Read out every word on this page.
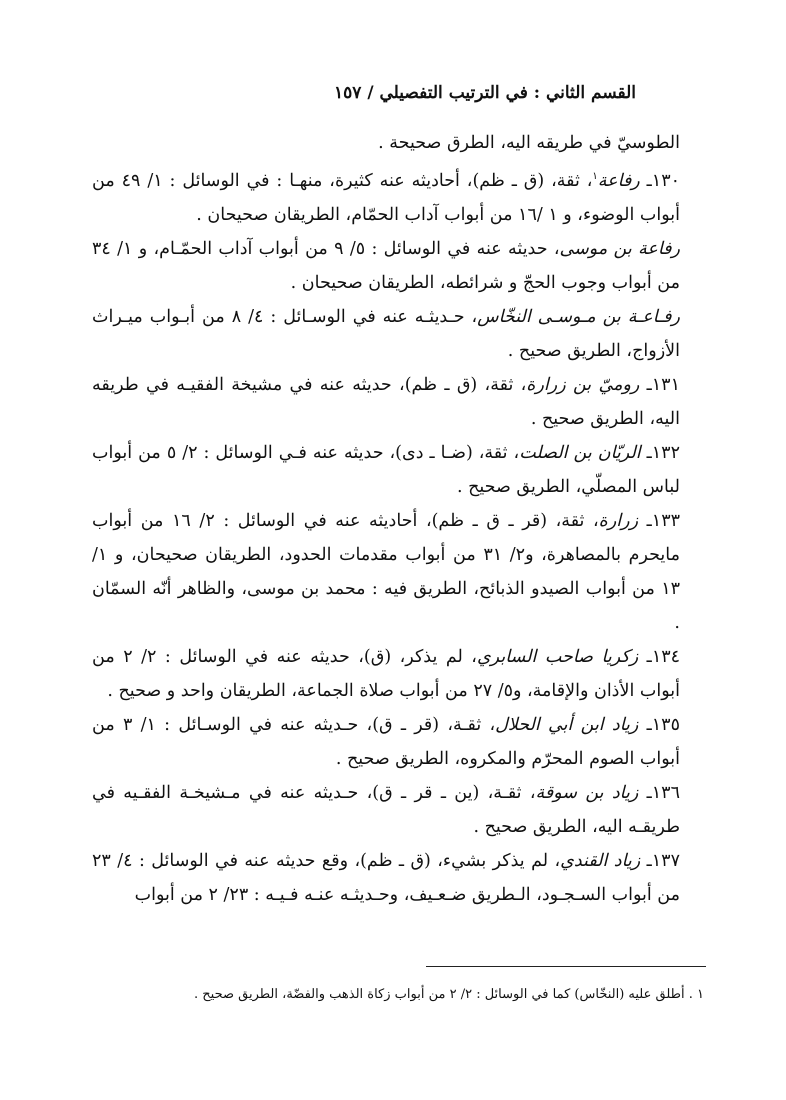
القسم الثاني : في الترتيب التفصيلي / ١٥٧

الطوسيّ في طريقه اليه، الطرق صحيحة .

١٣٠ـ رفاعة$^١$، ثقة، (ق ـ ظم)، أحاديثه عنه كثيرة، منهـا : في الوسائل : ١/ ٤٩ من أبواب الوضوء، و ١ /١٦ من أبواب آداب الحمّام، الطريقان صحيحان .

رفاعة بن موسى، حديثه عنه في الوسائل : ٥/ ٩ من أبواب آداب الحمّـام، و ١/ ٣٤ من أبواب وجوب الحجّ و شرائطه، الطريقان صحيحان .

رفـاعـة بن مـوسـى النخّاس، حـديثـه عنه في الوسـائل : ٤/ ٨ من أبـواب ميـراث الأزواج، الطريق صحيح .

١٣١ـ روميّ بن زرارة، ثقة، (ق ـ ظم)، حديثه عنه في مشيخة الفقيـه في طريقه اليه، الطريق صحيح .

١٣٢ـ الريّان بن الصلت، ثقة، (ضـا ـ دى)، حديثه عنه فـي الوسائل : ٢/ ٥ من أبواب لباس المصلّي، الطريق صحيح .

١٣٣ـ زرارة، ثقة، (قر ـ ق ـ ظم)، أحاديثه عنه في الوسائل : ٢/ ١٦ من أبواب مايحرم بالمصاهرة، و٢/ ٣١ من أبواب مقدمات الحدود، الطريقان صحيحان، و ١/ ١٣ من أبواب الصيدو الذبائح، الطريق فيه : محمد بن موسى، والظاهر أنّه السمّان .

١٣٤ـ زكريا صاحب السابري، لم يذكر، (ق)، حديثه عنه في الوسائل : ٢/ ٢ من أبواب الأذان والإقامة، و٥/ ٢٧ من أبواب صلاة الجماعة، الطريقان واحد و صحيح .

١٣٥ـ زياد ابن أبي الحلال، ثقـة، (قر ـ ق)، حـديثه عنه في الوسـائل : ١/ ٣ من أبواب الصوم المحرّم والمكروه، الطريق صحيح .

١٣٦ـ زياد بن سوقة، ثقـة، (ين ـ قر ـ ق)، حـديثه عنه في مـشيخـة الفقـيه في طريقـه اليه، الطريق صحيح .

١٣٧ـ زياد القندي، لم يذكر بشيء، (ق ـ ظم)، وقع حديثه عنه في الوسائل : ٤/ ٢٣ من أبواب السـجـود، الـطريق ضـعـيف، وحـديثـه عنـه فـيـه : ٢٣/ ٢ من أبواب

١ . أطلق عليه (النخّاس) كما في الوسائل : ٢/ ٢ من أبواب زكاة الذهب والفضّة، الطريق صحيح .
